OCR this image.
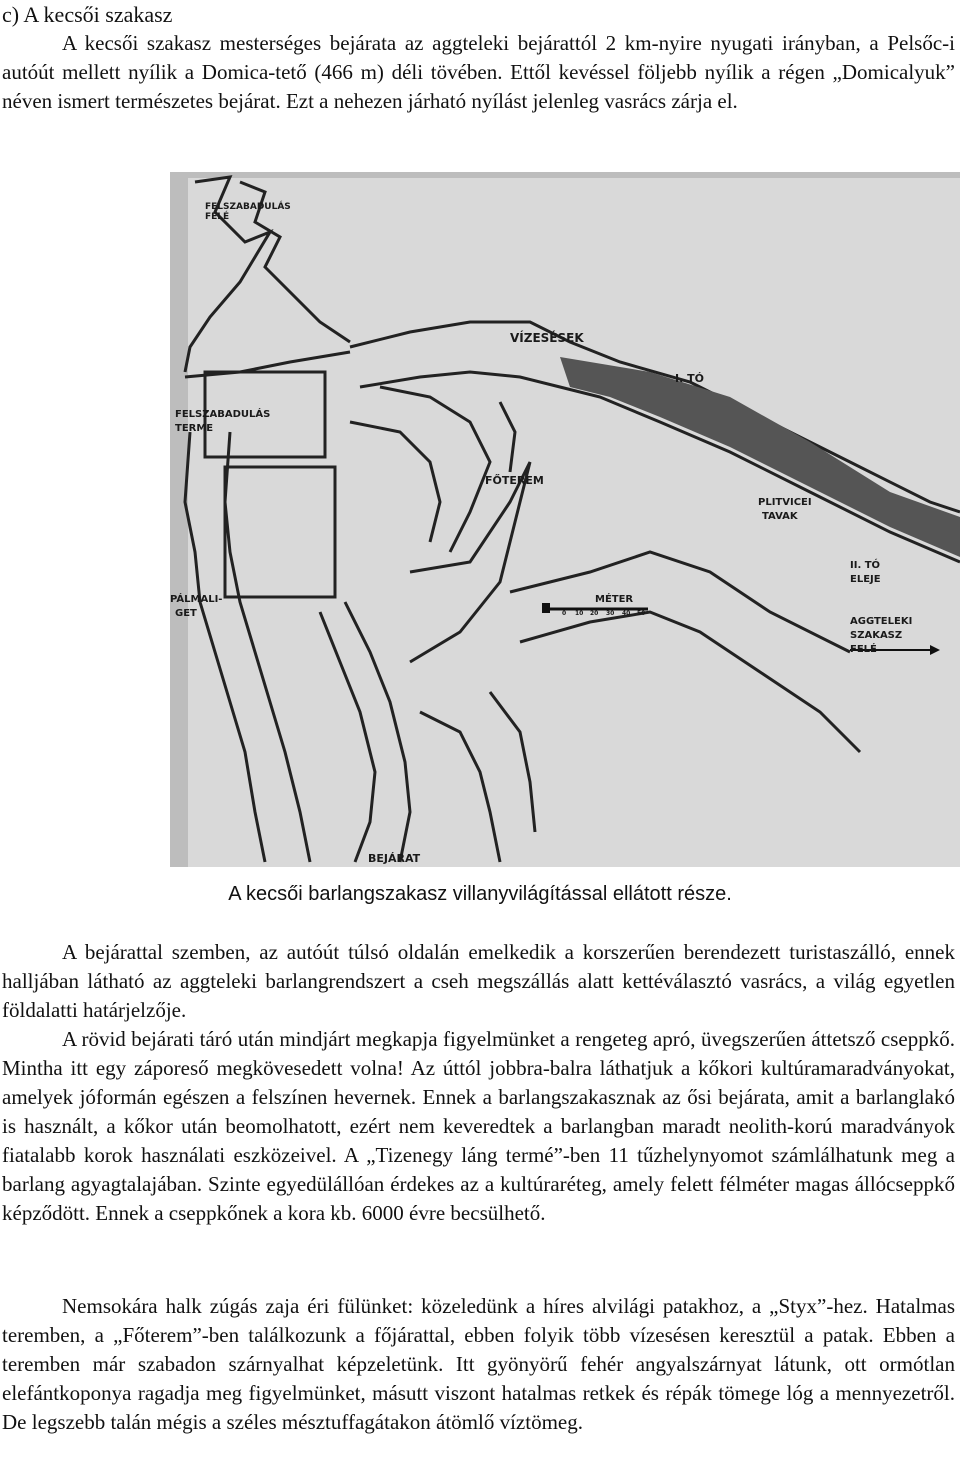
c) A kecsői szakasz

A kecsői szakasz mesterséges bejárata az aggteleki bejárattól 2 km-nyire nyugati irányban, a Pelsőc-i autóút mellett nyílik a Domica-tető (466 m) déli tövében. Ettől kevéssel följebb nyílik a régen „Domicalyuk” néven ismert természetes bejárat. Ezt a nehezen járható nyílást jelenleg vasrács zárja el.

FELSZABADULÁS
FELÉ
VÍZESÉSEK
I. TÓ
FELSZABADULÁS
TERME
FŐTEREM
PLITVICEI
TAVAK
II. TÓ
ELEJE
PÁLMALI-
GET
MÉTER
0 10 20 30 40 50
AGGTELEKI
SZAKASZ
FELÉ
BEJÁRAT
A kecsői barlangszakasz villanyvilágítással ellátott része.

A bejárattal szemben, az autóút túlsó oldalán emelkedik a korszerűen berendezett turistaszálló, ennek halljában látható az aggteleki barlangrendszert a cseh megszállás alatt kettéválasztó vasrács, a világ egyetlen földalatti határjelzője.

A rövid bejárati táró után mindjárt megkapja figyelmünket a rengeteg apró, üvegszerűen áttetsző cseppkő. Mintha itt egy záporeső megkövesedett volna! Az úttól jobbra-balra láthatjuk a kőkori kultúramaradványokat, amelyek jóformán egészen a felszínen hevernek. Ennek a barlangszakasznak az ősi bejárata, amit a barlanglakó is használt, a kőkor után beomolhatott, ezért nem keveredtek a barlangban maradt neolith-korú maradványok fiatalabb korok használati eszközeivel. A „Tizenegy láng termé”-ben 11 tűzhelynyomot számlálhatunk meg a barlang agyagtalajában. Szinte egyedülállóan érdekes az a kultúraréteg, amely felett félméter magas állócseppkő képződött. Ennek a cseppkőnek a kora kb. 6000 évre becsülhető.

Nemsokára halk zúgás zaja éri fülünket: közeledünk a híres alvilági patakhoz, a „Styx”-hez. Hatalmas teremben, a „Főterem”-ben találkozunk a főjárattal, ebben folyik több vízesésen keresztül a patak. Ebben a teremben már szabadon szárnyalhat képzeletünk. Itt gyönyörű fehér angyalszárnyat látunk, ott ormótlan elefántkoponya ragadja meg figyelmünket, másutt viszont hatalmas retkek és répák tömege lóg a mennyezetről. De legszebb talán mégis a széles mésztuffagátakon átömlő víztömeg.
